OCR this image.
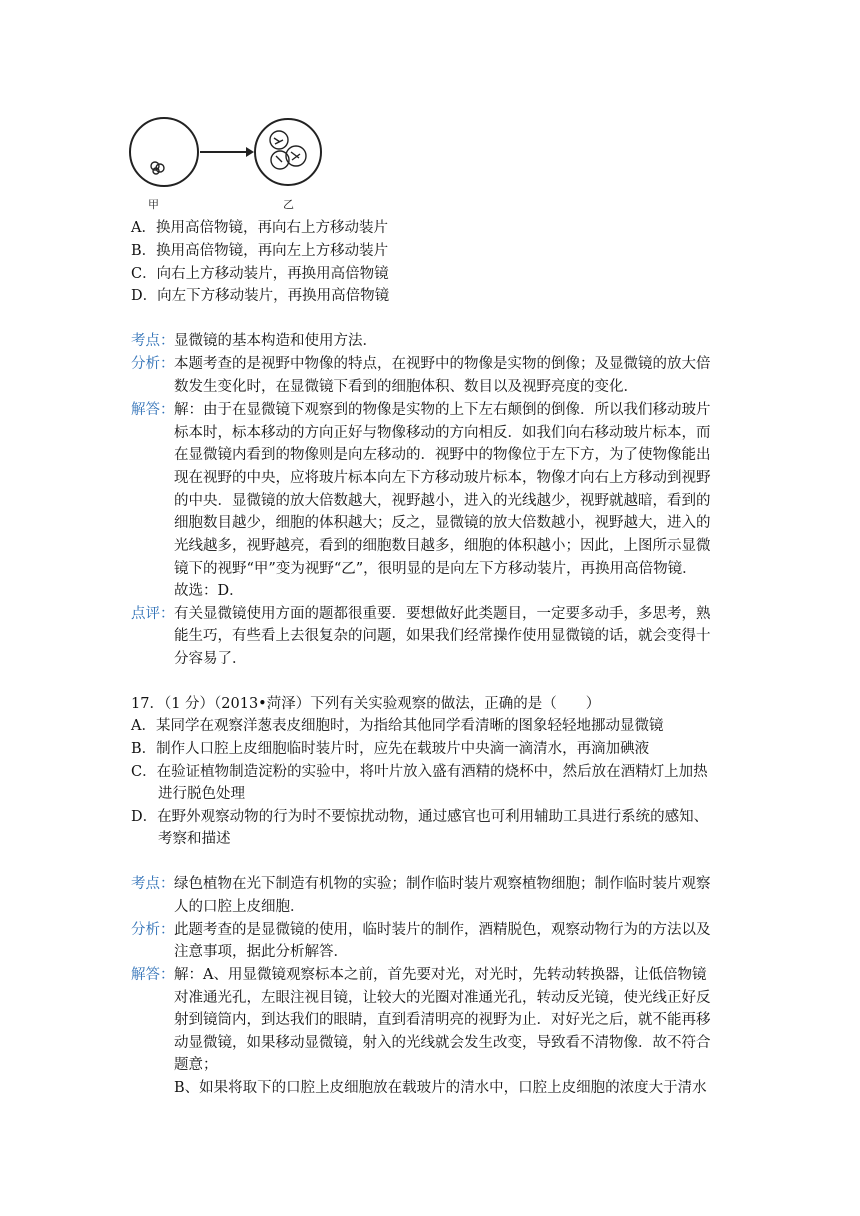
甲	乙
A．换用高倍物镜，再向右上方移动装片
B．换用高倍物镜，再向左上方移动装片
C．向右上方移动装片，再换用高倍物镜
D．向左下方移动装片，再换用高倍物镜
考点： 显微镜的基本构造和使用方法．
分析： 本题考查的是视野中物像的特点，在视野中的物像是实物的倒像；及显微镜的放大倍
数发生变化时，在显微镜下看到的细胞体积、数目以及视野亮度的变化．
解答： 解：由于在显微镜下观察到的物像是实物的上下左右颠倒的倒像．所以我们移动玻片
标本时，标本移动的方向正好与物像移动的方向相反．如我们向右移动玻片标本，而
在显微镜内看到的物像则是向左移动的．视野中的物像位于左下方，为了使物像能出
现在视野的中央，应将玻片标本向左下方移动玻片标本，物像才向右上方移动到视野
的中央．显微镜的放大倍数越大，视野越小，进入的光线越少，视野就越暗，看到的
细胞数目越少，细胞的体积越大；反之，显微镜的放大倍数越小，视野越大，进入的
光线越多，视野越亮，看到的细胞数目越多，细胞的体积越小；因此，上图所示显微
镜下的视野“甲”变为视野“乙”，很明显的是向左下方移动装片，再换用高倍物镜．
故选：D．
点评： 有关显微镜使用方面的题都很重要．要想做好此类题目，一定要多动手，多思考，熟
能生巧，有些看上去很复杂的问题，如果我们经常操作使用显微镜的话，就会变得十
分容易了．
17．（1 分）（2013•菏泽）下列有关实验观察的做法，正确的是（　　）
A．某同学在观察洋葱表皮细胞时，为指给其他同学看清晰的图象轻轻地挪动显微镜
B．制作人口腔上皮细胞临时装片时，应先在载玻片中央滴一滴清水，再滴加碘液
C．在验证植物制造淀粉的实验中，将叶片放入盛有酒精的烧杯中，然后放在酒精灯上加热
进行脱色处理
D．在野外观察动物的行为时不要惊扰动物，通过感官也可利用辅助工具进行系统的感知、
考察和描述
考点： 绿色植物在光下制造有机物的实验；制作临时装片观察植物细胞；制作临时装片观察
人的口腔上皮细胞．
分析： 此题考查的是显微镜的使用，临时装片的制作，酒精脱色，观察动物行为的方法以及
注意事项，据此分析解答．
解答： 解：A、用显微镜观察标本之前，首先要对光，对光时，先转动转换器，让低倍物镜
对准通光孔，左眼注视目镜，让较大的光圈对准通光孔，转动反光镜，使光线正好反
射到镜筒内，到达我们的眼睛，直到看清明亮的视野为止．对好光之后，就不能再移
动显微镜，如果移动显微镜，射入的光线就会发生改变，导致看不清物像．故不符合
题意；
B、如果将取下的口腔上皮细胞放在载玻片的清水中，口腔上皮细胞的浓度大于清水
